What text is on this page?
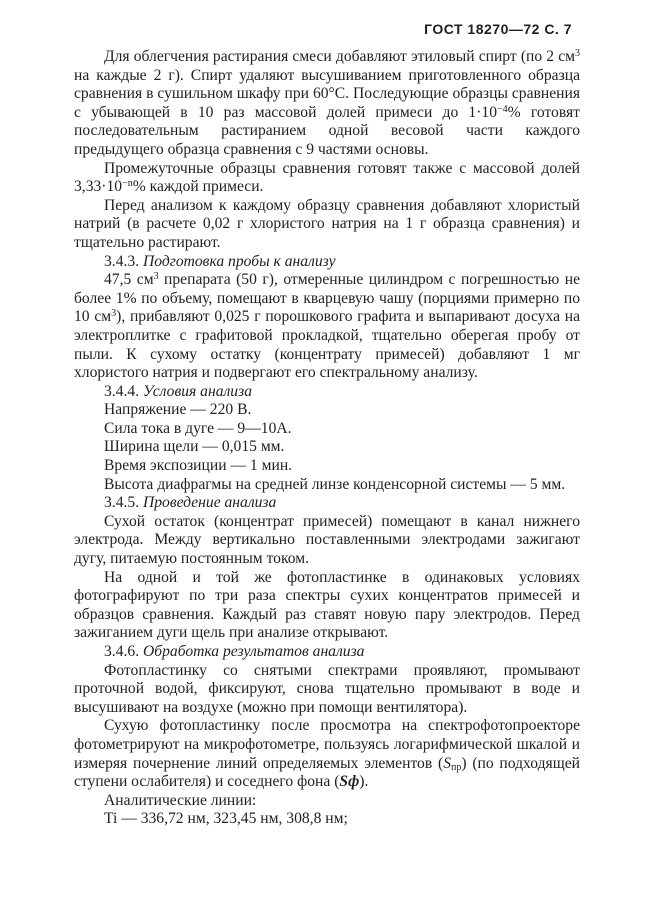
ГОСТ 18270—72 С. 7

Для облегчения растирания смеси добавляют этиловый спирт (по 2 $см^3$ на каждые 2 г). Спирт удаляют высушиванием приготовленного образца сравнения в сушильном шкафу при 60°С. Последующие образцы сравнения с убывающей в 10 раз массовой долей примеси до $1\cdot 10^{-4}\%$ готовят последовательным растиранием одной весовой части каждого предыдущего образца сравнения с 9 частями основы.

Промежуточные образцы сравнения готовят также с массовой долей $3,33\cdot 10^{-n}\%$ каждой примеси.

Перед анализом к каждому образцу сравнения добавляют хлористый натрий (в расчете 0,02 г хлористого натрия на 1 г образца сравнения) и тщательно растирают.

3.4.3. Подготовка пробы к анализу

47,5 $см^3$ препарата (50 г), отмеренные цилиндром с погрешностью не более 1% по объему, помещают в кварцевую чашу (порциями примерно по 10 $см^3$), прибавляют 0,025 г порошкового графита и выпаривают досуха на электроплитке с графитовой прокладкой, тщательно оберегая пробу от пыли. К сухому остатку (концентрату примесей) добавляют 1 мг хлористого натрия и подвергают его спектральному анализу.

3.4.4. Условия анализа

Напряжение — 220 В.

Сила тока в дуге — 9—10А.

Ширина щели — 0,015 мм.

Время экспозиции — 1 мин.

Высота диафрагмы на средней линзе конденсорной системы — 5 мм.

3.4.5. Проведение анализа

Сухой остаток (концентрат примесей) помещают в канал нижнего электрода. Между вертикально поставленными электродами зажигают дугу, питаемую постоянным током.

На одной и той же фотопластинке в одинаковых условиях фотографируют по три раза спектры сухих концентратов примесей и образцов сравнения. Каждый раз ставят новую пару электродов. Перед зажиганием дуги щель при анализе открывают.

3.4.6. Обработка результатов анализа

Фотопластинку со снятыми спектрами проявляют, промывают проточной водой, фиксируют, снова тщательно промывают в воде и высушивают на воздухе (можно при помощи вентилятора).

Сухую фотопластинку после просмотра на спектрофотопроекторе фотометрируют на микрофотометре, пользуясь логарифмической шкалой и измеряя почернение линий определяемых элементов $(S_{пр})$ (по подходящей ступени ослабителя) и соседнего фона (Sф).

Аналитические линии:

Ti — 336,72 нм, 323,45 нм, 308,8 нм;
